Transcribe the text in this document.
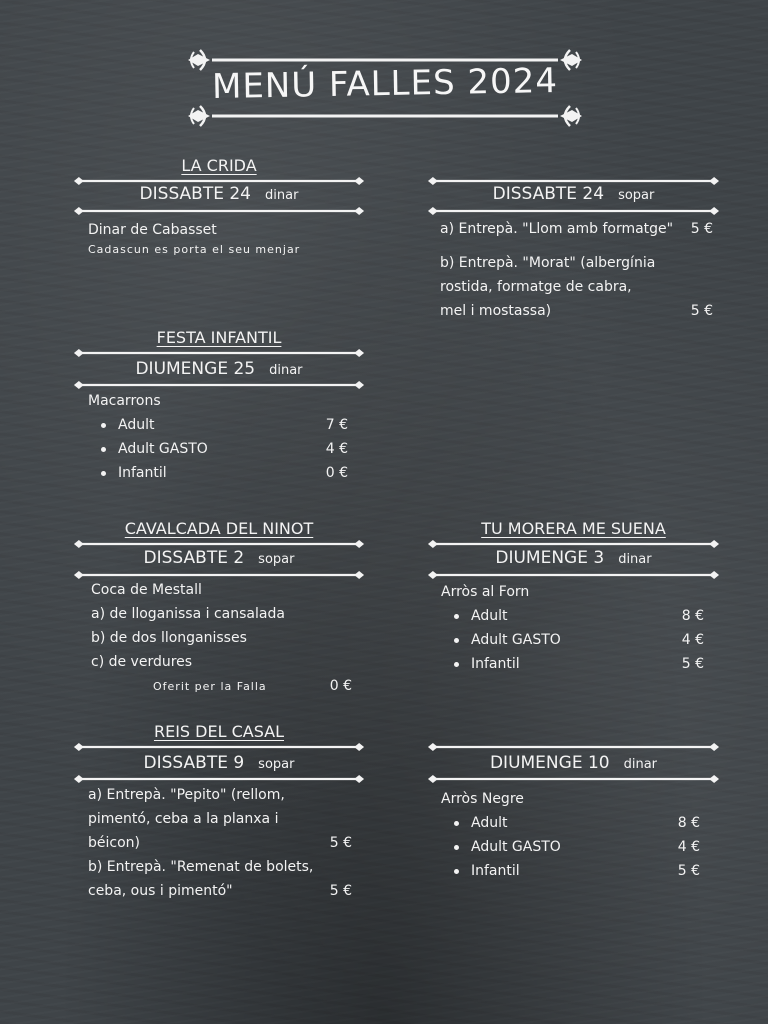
MENÚ FALLES 2024
LA CRIDA
DISSABTE 24 dinar
Dinar de Cabasset
Cadascun es porta el seu menjar
DISSABTE 24 sopar
a) Entrepà. "Llom amb formatge" 5 €
b) Entrepà. "Morat" (albergínia
rostida, formatge de cabra,
mel i mostassa)	5 €
FESTA INFANTIL
DIUMENGE 25 dinar
Macarrons
Adult	7 €
Adult GASTO	4 €
Infantil	0 €
CAVALCADA DEL NINOT
DISSABTE 2 sopar
Coca de Mestall
a) de lloganissa i cansalada
b) de dos llonganisses
c) de verdures
Oferit per la Falla	0 €
TU MORERA ME SUENA
DIUMENGE 3 dinar
Arròs al Forn
Adult	8 €
Adult GASTO	4 €
Infantil	5 €
REIS DEL CASAL
DISSABTE 9 sopar
a) Entrepà. "Pepito" (rellom,
pimentó, ceba a la planxa i
béicon)	5 €
b) Entrepà. "Remenat de bolets,
ceba, ous i pimentó"	5 €
DIUMENGE 10 dinar
Arròs Negre
Adult	8 €
Adult GASTO	4 €
Infantil	5 €
